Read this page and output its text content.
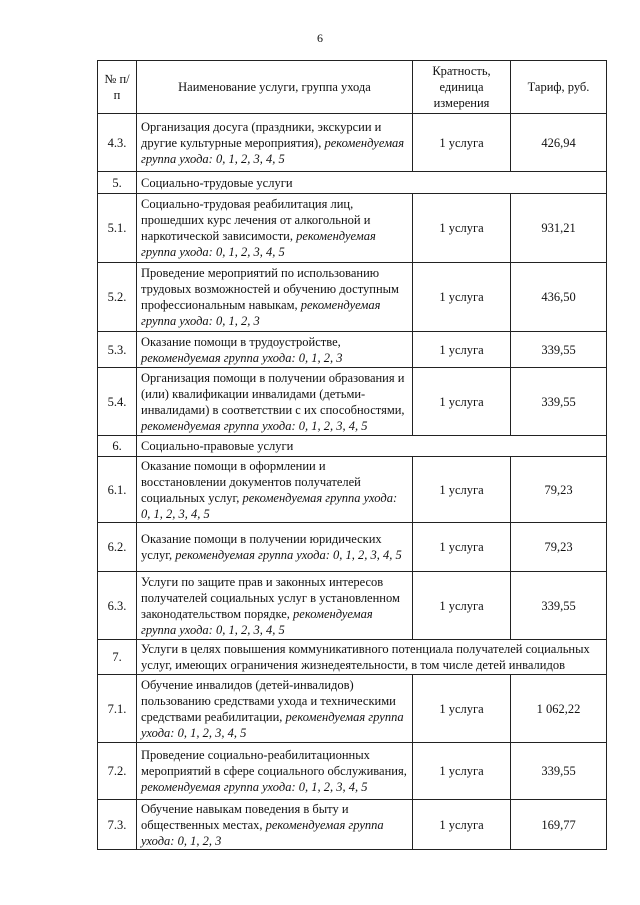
6
№ п/п	Наименование услуги, группа ухода	Кратность, единица измерения	Тариф, руб.
4.3.	Организация досуга (праздники, экскурсии и другие культурные мероприятия), рекомендуемая группа ухода: 0, 1, 2, 3, 4, 5	1 услуга	426,94
5.	Социально-трудовые услуги		
5.1.	Социально-трудовая реабилитация лиц, прошедших курс лечения от алкогольной и наркотической зависимости, рекомендуемая группа ухода: 0, 1, 2, 3, 4, 5	1 услуга	931,21
5.2.	Проведение мероприятий по использованию трудовых возможностей и обучению доступным профессиональным навыкам, рекомендуемая группа ухода: 0, 1, 2, 3	1 услуга	436,50
5.3.	Оказание помощи в трудоустройстве, рекомендуемая группа ухода: 0, 1, 2, 3	1 услуга	339,55
5.4.	Организация помощи в получении образования и (или) квалификации инвалидами (детьми-инвалидами) в соответствии с их способностями, рекомендуемая группа ухода: 0, 1, 2, 3, 4, 5	1 услуга	339,55
6.	Социально-правовые услуги		
6.1.	Оказание помощи в оформлении и восстановлении документов получателей социальных услуг, рекомендуемая группа ухода: 0, 1, 2, 3, 4, 5	1 услуга	79,23
6.2.	Оказание помощи в получении юридических услуг, рекомендуемая группа ухода: 0, 1, 2, 3, 4, 5	1 услуга	79,23
6.3.	Услуги по защите прав и законных интересов получателей социальных услуг в установленном законодательством порядке, рекомендуемая группа ухода: 0, 1, 2, 3, 4, 5	1 услуга	339,55
7.	Услуги в целях повышения коммуникативного потенциала получателей социальных услуг, имеющих ограничения жизнедеятельности, в том числе детей инвалидов		
7.1.	Обучение инвалидов (детей-инвалидов) пользованию средствами ухода и техническими средствами реабилитации, рекомендуемая группа ухода: 0, 1, 2, 3, 4, 5	1 услуга	1 062,22
7.2.	Проведение социально-реабилитационных мероприятий в сфере социального обслуживания, рекомендуемая группа ухода: 0, 1, 2, 3, 4, 5	1 услуга	339,55
7.3.	Обучение навыкам поведения в быту и общественных местах, рекомендуемая группа ухода: 0, 1, 2, 3	1 услуга	169,77
